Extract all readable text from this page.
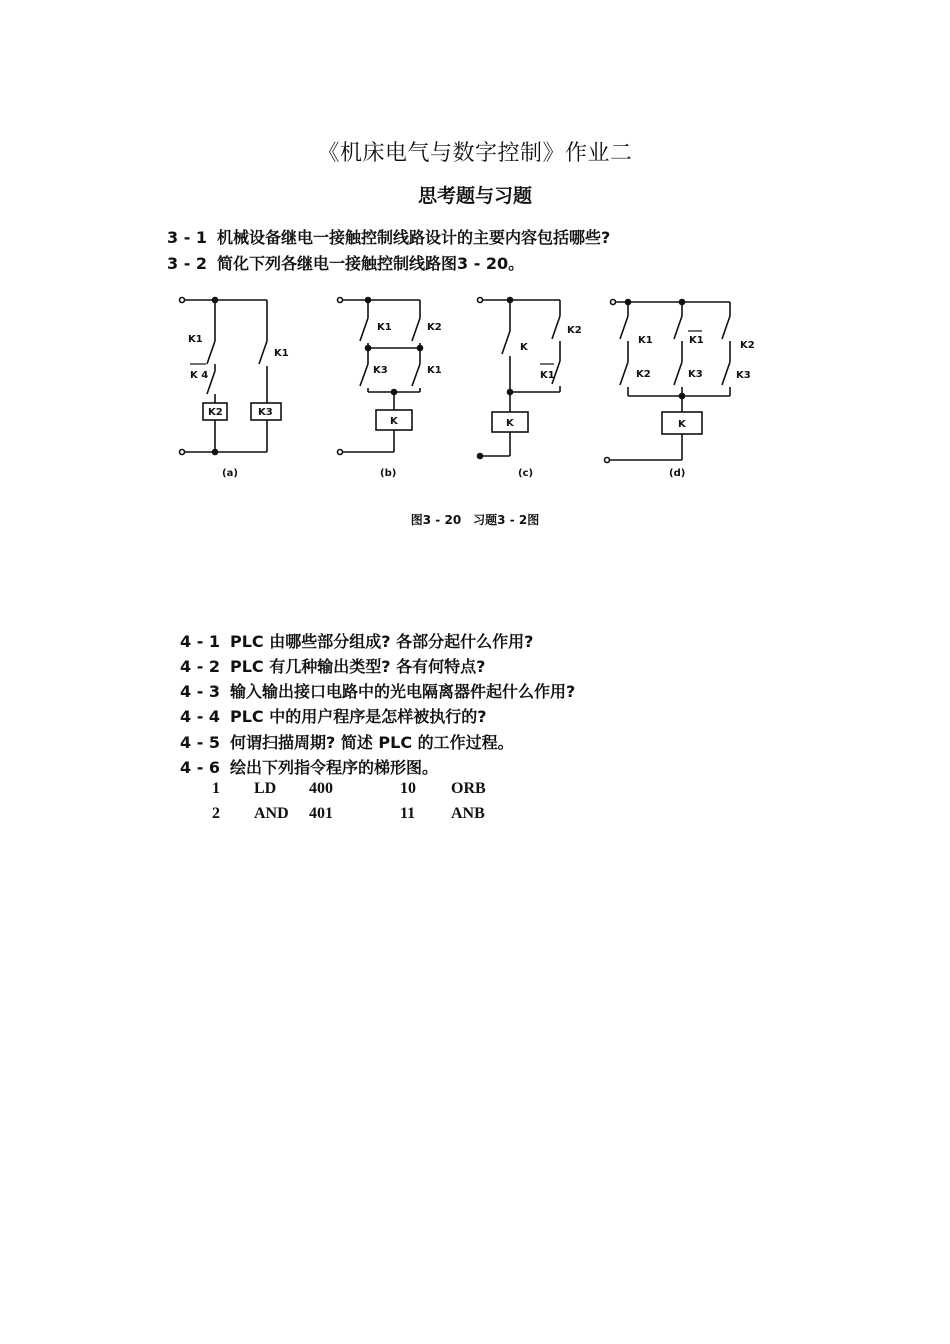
《机床电气与数字控制》作业二
思考题与习题
3 - 1 机械设备继电一接触控制线路设计的主要内容包括哪些?
3 - 2 简化下列各继电一接触控制线路图3 - 20。
K1
K 4
K1
K2	K3
(a)
K1	K2
K3	K1
K
(b)
K
K2
K1
K
(c)
K1	K1	K2
K2	K3	K3
K
(d)
图3 - 20 习题3 - 2图
4 - 1 PLC 由哪些部分组成? 各部分起什么作用?
4 - 2 PLC 有几种输出类型? 各有何特点?
4 - 3 输入输出接口电路中的光电隔离器件起什么作用?
4 - 4 PLC 中的用户程序是怎样被执行的?
4 - 5 何谓扫描周期? 简述 PLC 的工作过程。
4 - 6 绘出下列指令程序的梯形图。
1 LD 400	10 ORB
2 AND 401	11 ANB
